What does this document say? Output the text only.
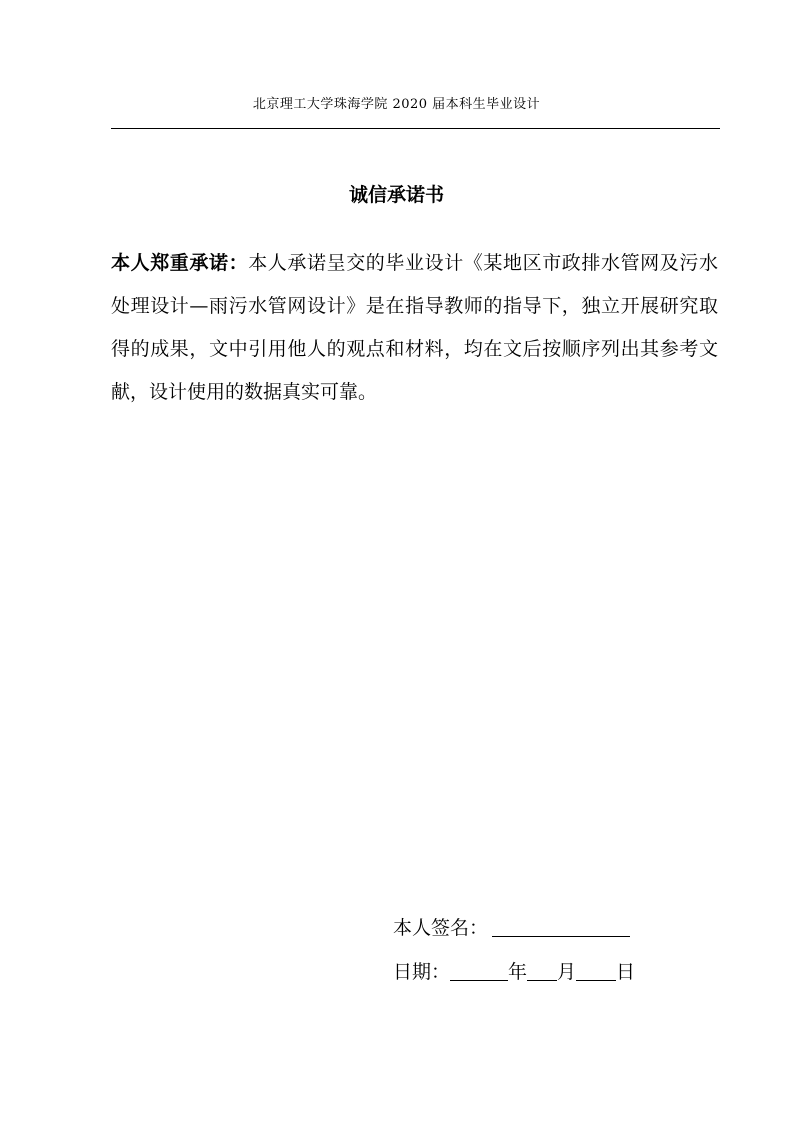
北京理工大学珠海学院 2020 届本科生毕业设计
诚信承诺书
本人郑重承诺：本人承诺呈交的毕业设计《某地区市政排水管网及污水处理设计—雨污水管网设计》是在指导教师的指导下，独立开展研究取得的成果，文中引用他人的观点和材料，均在文后按顺序列出其参考文献，设计使用的数据真实可靠。
本人签名：
日期：	年 月 日
